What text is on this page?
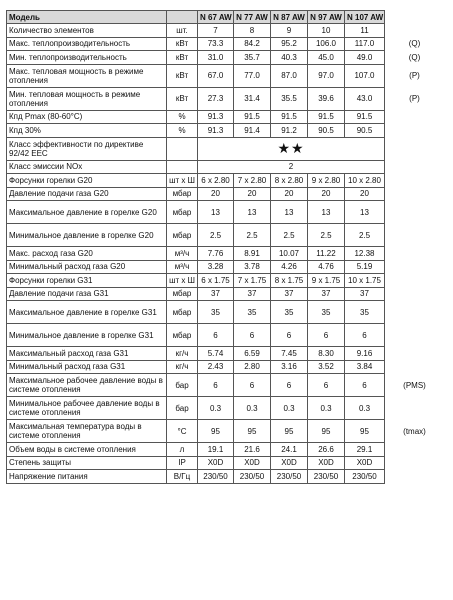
Модель		N 67 AW	N 77 AW	N 87 AW	N 97 AW	N 107 AW	
Количество элементов	шт.	7	8	9	10	11	
Макс. теплопроизводительность	кВт	73.3	84.2	95.2	106.0	117.0	(Q)
Мин. теплопроизводительность	кВт	31.0	35.7	40.3	45.0	49.0	(Q)
Макс. тепловая мощность в режиме отопления	кВт	67.0	77.0	87.0	97.0	107.0	(P)
Мин. тепловая мощность в режиме отопления	кВт	27.3	31.4	35.5	39.6	43.0	(P)
Кпд Pmax (80-60°С)	%	91.3	91.5	91.5	91.5	91.5	
Кпд 30%	%	91.3	91.4	91.2	90.5	90.5	
Класс эффективности по директиве 92/42 EEC		★★					
Класс эмиссии NOx		2					
Форсунки горелки G20	шт x Ш	6 x 2.80	7 x 2.80	8 x 2.80	9 x 2.80	10 x 2.80	
Давление подачи газа G20	мбар	20	20	20	20	20	
Максимальное давление в горелке G20	мбар	13	13	13	13	13	
Минимальное давление в горелке G20	мбар	2.5	2.5	2.5	2.5	2.5	
Макс. расход газа G20	м³/ч	7.76	8.91	10.07	11.22	12.38	
Минимальный расход газа G20	м³/ч	3.28	3.78	4.26	4.76	5.19	
Форсунки горелки G31	шт x Ш	6 x 1.75	7 x 1.75	8 x 1.75	9 x 1.75	10 x 1.75	
Давление подачи газа G31	мбар	37	37	37	37	37	
Максимальное давление в горелке G31	мбар	35	35	35	35	35	
Минимальное давление в горелке G31	мбар	6	6	6	6	6	
Максимальный расход газа G31	кг/ч	5.74	6.59	7.45	8.30	9.16	
Минимальный расход газа G31	кг/ч	2.43	2.80	3.16	3.52	3.84	
Максимальное рабочее давление воды в системе отопления	бар	6	6	6	6	6	(PMS)
Минимальное рабочее давление воды в системе отопления	бар	0.3	0.3	0.3	0.3	0.3	
Максимальная температура воды в системе отопления	°С	95	95	95	95	95	(tmax)
Объем воды в системе отопления	л	19.1	21.6	24.1	26.6	29.1	
Степень защиты	IP	X0D	X0D	X0D	X0D	X0D	
Напряжение питания	В/Гц	230/50	230/50	230/50	230/50	230/50	
